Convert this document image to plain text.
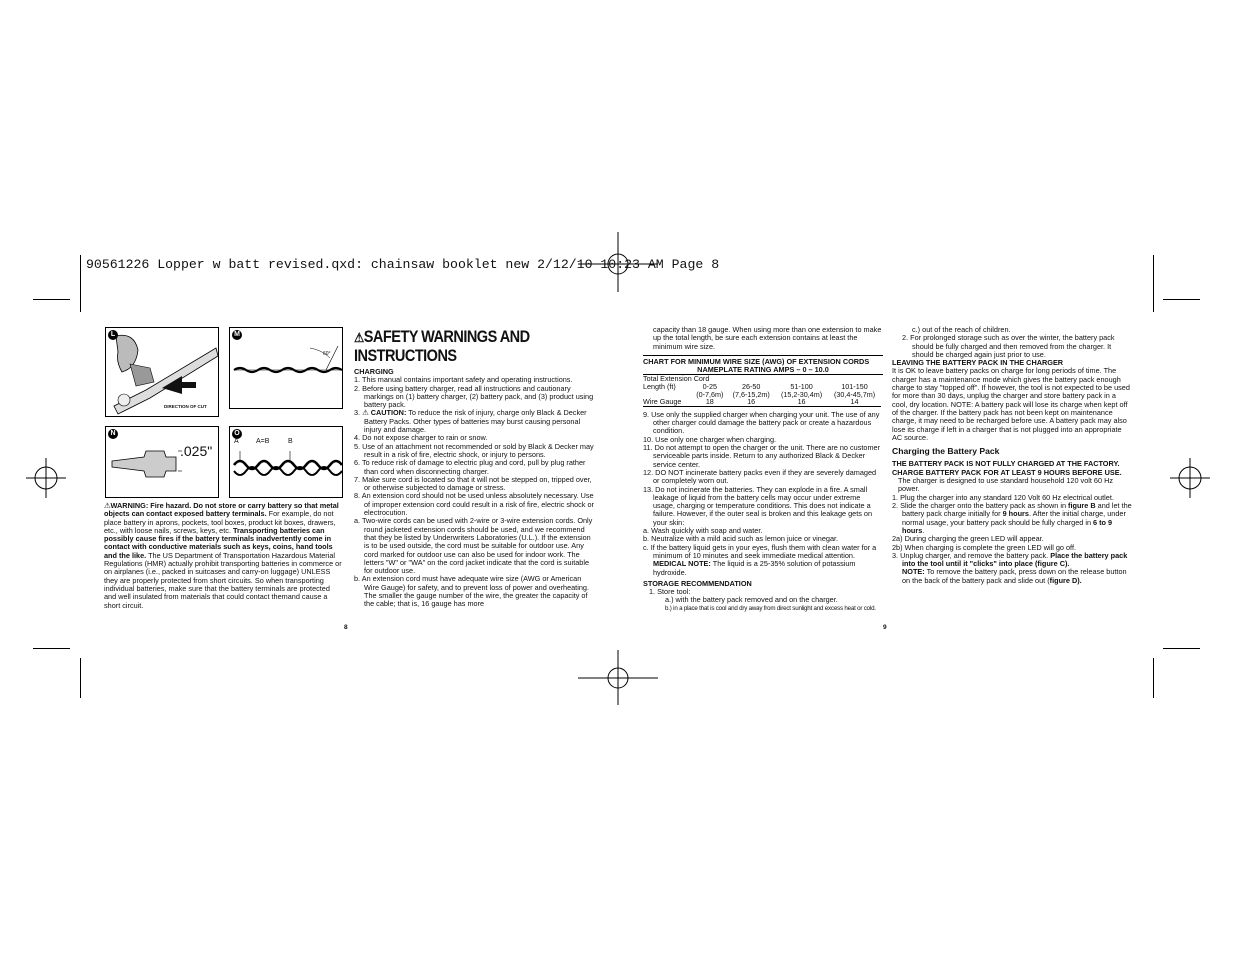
90561226 Lopper w batt revised.qxd: chainsaw booklet new 2/12/10 10:23 AM Page 8
L
DIRECTION OF CUT
M
60°
N
.025"
O
A A=B	B

⚠WARNING: Fire hazard. Do not store or carry battery so that metal objects can contact exposed battery terminals. For example, do not place battery in aprons, pockets, tool boxes, product kit boxes, drawers, etc., with loose nails, screws, keys, etc. Transporting batteries can possibly cause fires if the battery terminals inadvertently come in contact with conductive materials such as keys, coins, hand tools and the like. The US Department of Transportation Hazardous Material Regulations (HMR) actually prohibit transporting batteries in commerce or on airplanes (i.e., packed in suitcases and carry-on luggage) UNLESS they are properly protected from short circuits. So when transporting individual batteries, make sure that the battery terminals are protected and well insulated from materials that could contact themand cause a short circuit.

8
⚠SAFETY WARNINGS AND
INSTRUCTIONS

CHARGING

1. This manual contains important safety and operating instructions.

2. Before using battery charger, read all instructions and cautionary markings on (1) battery charger, (2) battery pack, and (3) product using battery pack.

3. ⚠ CAUTION: To reduce the risk of injury, charge only Black & Decker Battery Packs. Other types of batteries may burst causing personal injury and damage.

4. Do not expose charger to rain or snow.

5. Use of an attachment not recommended or sold by Black & Decker may result in a risk of fire, electric shock, or injury to persons.

6. To reduce risk of damage to electric plug and cord, pull by plug rather than cord when disconnecting charger.

7. Make sure cord is located so that it will not be stepped on, tripped over, or otherwise subjected to damage or stress.

8. An extension cord should not be used unless absolutely necessary. Use of improper extension cord could result in a risk of fire, electric shock or electrocution.

a. Two-wire cords can be used with 2-wire or 3-wire extension cords. Only round jacketed extension cords should be used, and we recommend that they be listed by Underwriters Laboratories (U.L.). If the extension is to be used outside, the cord must be suitable for outdoor use. Any cord marked for outdoor use can also be used for indoor work. The letters "W" or "WA" on the cord jacket indicate that the cord is suitable for outdoor use.

b. An extension cord must have adequate wire size (AWG or American Wire Gauge) for safety, and to prevent loss of power and overheating. The smaller the gauge number of the wire, the greater the capacity of the cable; that is, 16 gauge has more

capacity than 18 gauge. When using more than one extension to make up the total length, be sure each extension contains at least the minimum wire size.

CHART FOR MINIMUM WIRE SIZE (AWG) OF EXTENSION CORDS

NAMEPLATE RATING AMPS – 0 – 10.0

Total Extension Cord				
Length (ft)	0-25	26-50	51-100	101-150
	(0-7,6m)	(7,6-15,2m)	(15,2-30,4m)	(30,4-45,7m)
Wire Gauge	18	16	16	14

9. Use only the supplied charger when charging your unit. The use of any other charger could damage the battery pack or create a hazardous condition.

10. Use only one charger when charging.

11. Do not attempt to open the charger or the unit. There are no customer serviceable parts inside. Return to any authorized Black & Decker service center.

12. DO NOT incinerate battery packs even if they are severely damaged or completely worn out.

13. Do not incinerate the batteries. They can explode in a fire. A small leakage of liquid from the battery cells may occur under extreme usage, charging or temperature conditions. This does not indicate a failure. However, if the outer seal is broken and this leakage gets on your skin:

a. Wash quickly with soap and water.

b. Neutralize with a mild acid such as lemon juice or vinegar.

c. If the battery liquid gets in your eyes, flush them with clean water for a minimum of 10 minutes and seek immediate medical attention. MEDICAL NOTE: The liquid is a 25-35% solution of potassium hydroxide.

STORAGE RECOMMENDATION

1. Store tool:

a.) with the battery pack removed and on the charger.

b.) in a place that is cool and dry away from direct sunlight and excess heat or cold.

c.) out of the reach of children.

2. For prolonged storage such as over the winter, the battery pack should be fully charged and then removed from the charger. It should be charged again just prior to use.

LEAVING THE BATTERY PACK IN THE CHARGER

It is OK to leave battery packs on charge for long periods of time. The charger has a maintenance mode which gives the battery pack enough charge to stay "topped off". If however, the tool is not expected to be used for more than 30 days, unplug the charger and store battery pack in a cool, dry location. NOTE: A battery pack will lose its charge when kept off of the charger. If the battery pack has not been kept on maintenance charge, it may need to be recharged before use. A battery pack may also lose its charge if left in a charger that is not plugged into an appropriate AC source.

Charging the Battery Pack

THE BATTERY PACK IS NOT FULLY CHARGED AT THE FACTORY. CHARGE BATTERY PACK FOR AT LEAST 9 HOURS BEFORE USE.

The charger is designed to use standard household 120 volt 60 Hz power.

1. Plug the charger into any standard 120 Volt 60 Hz electrical outlet.

2. Slide the charger onto the battery pack as shown in figure B and let the battery pack charge initially for 9 hours. After the initial charge, under normal usage, your battery pack should be fully charged in 6 to 9 hours.

2a) During charging the green LED will appear.

2b) When charging is complete the green LED will go off.

3. Unplug charger, and remove the battery pack. Place the battery pack into the tool until it "clicks" into place (figure C).

NOTE: To remove the battery pack, press down on the release button on the back of the battery pack and slide out (figure D).

9
